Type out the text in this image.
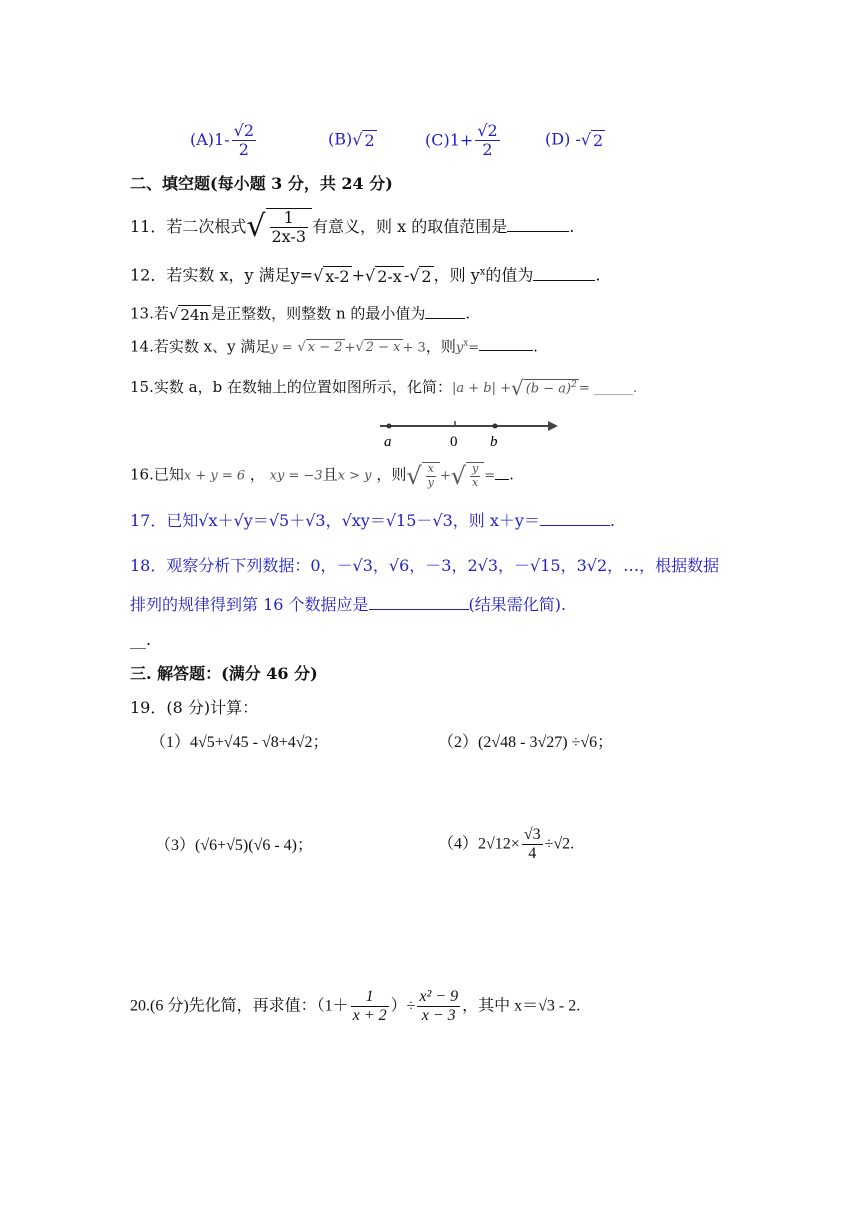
$(A)1- \frac{√2}{2}$	(B)√ 2	$(C)1+ \frac{√2}{2}$	(D) -√ 2
二、填空题(每小题 3 分，共 24 分)
11．若二次根式√ $\frac{1}{2x-3}$ 有意义，则 x 的取值范围是	.
12．若实数 x，y 满足y=√ x-2 +√ 2-x -√ 2 ，则 $y^x$的值为	.
13.若√ 24n 是正整数，则整数 n 的最小值为	.
14.若实数 x、y 满足y = √ x − 2 +√ 2 − x + 3，则$y^x=$	.
15.实数 a，b 在数轴上的位置如图所示，化简：|a + b| +√ $(b - a)^2$ = ______.
a	0 b
16.已知x + y = 6 ， xy = −3且x > y ，则√ $\frac{x}{y}$ +√ $\frac{y}{x}$ = .
17．已知√x＋√y＝√5＋√3，√xy＝√15－√3，则 x＋y＝	.
18．观察分析下列数据：0，－√3，√6，－3，2√3，－√15，3√2，…，根据数据
排列的规律得到第 16 个数据应是	(结果需化简).
__.
三. 解答题：(满分 46 分)
19．(8 分)计算：
（1）4√5+√45 - √8+4√2；	（2）(2√48 - 3√27) ÷√6；
（3）(√6+√5)(√6 - 4)；	$(4)2√12\times \frac{√3}{4} \div√2$.
20.(6 分)先化简，再求值：（$1+ \frac{1}{x + 2}$ ）÷ $\frac{\text{x² − 9}}{x - 3}$ ，其中 x＝√3 - 2.
